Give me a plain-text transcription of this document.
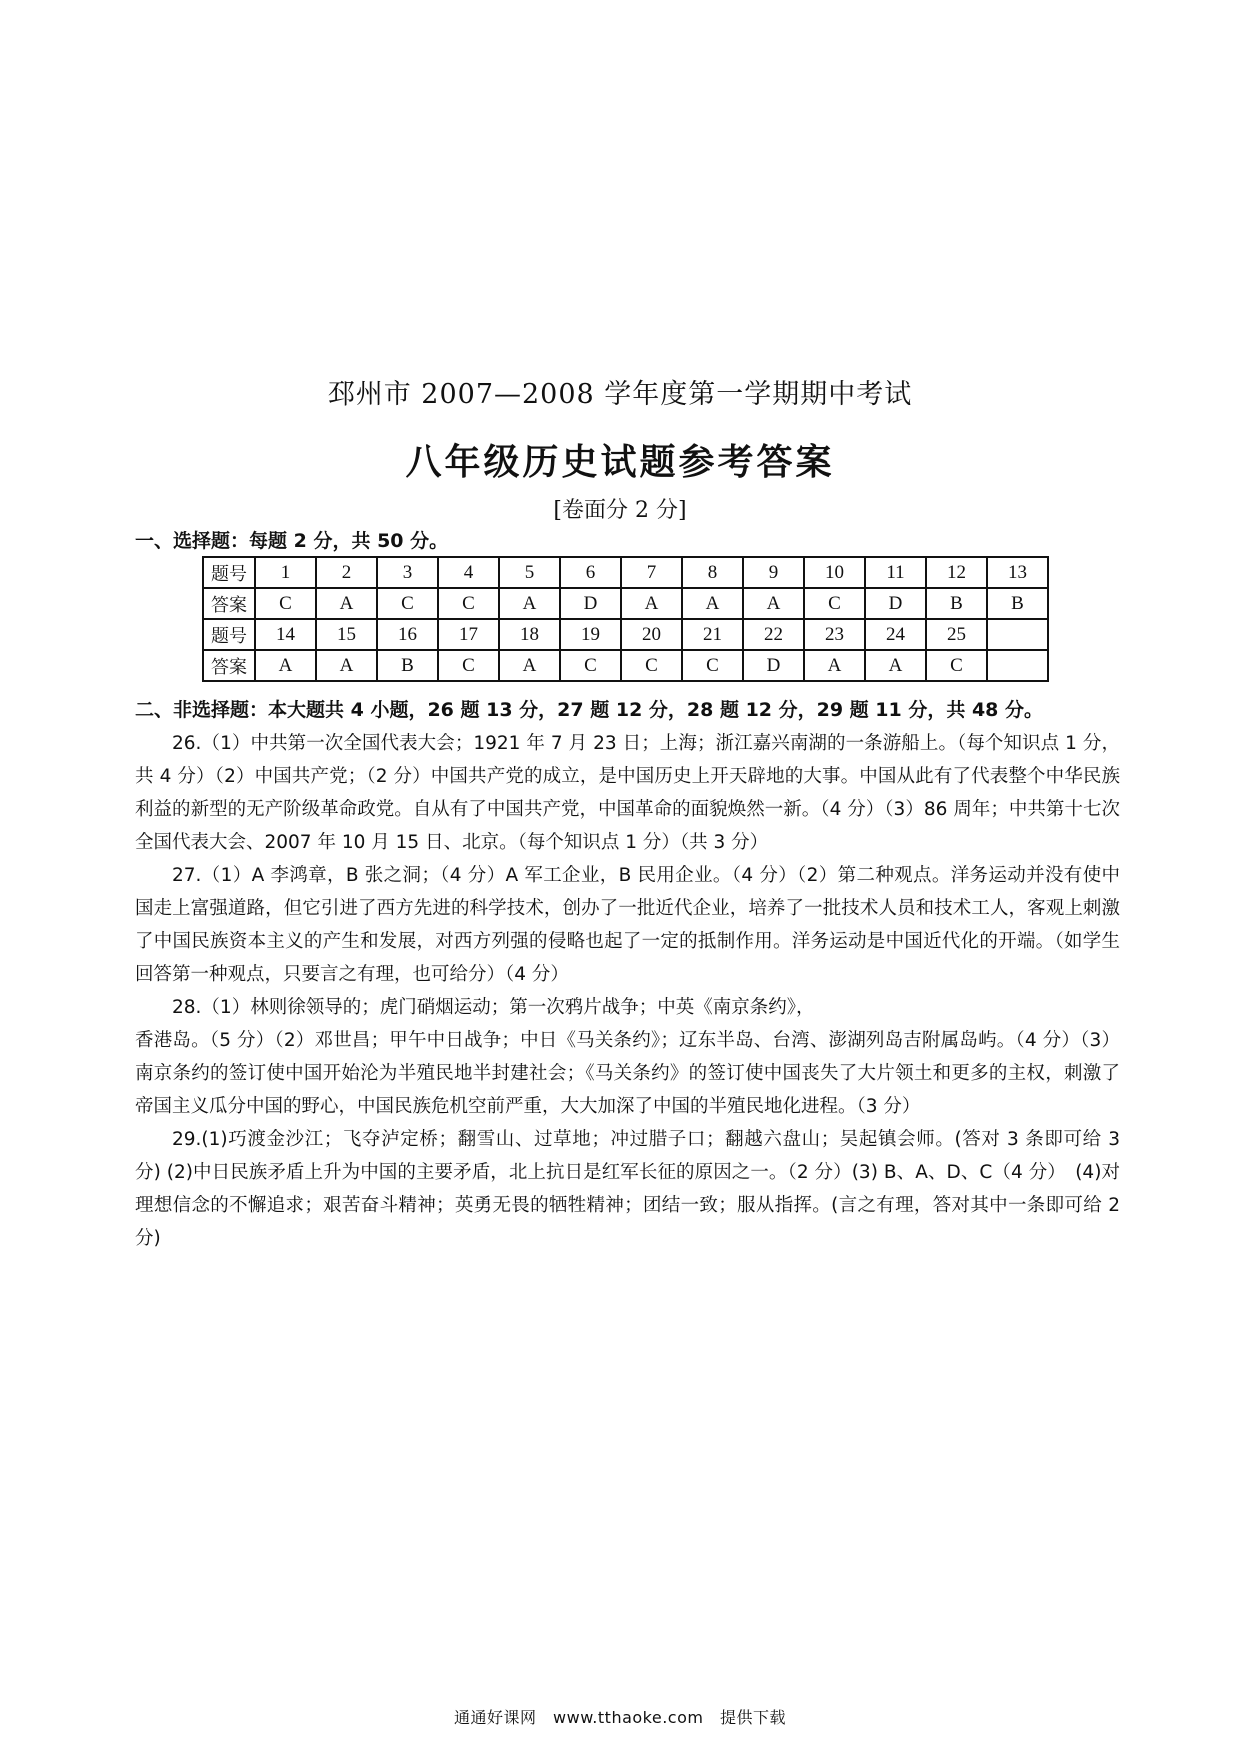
邳州市 2007—2008 学年度第一学期期中考试
八年级历史试题参考答案
[卷面分 2 分]
一、选择题：每题 2 分，共 50 分。
题号	1	2	3	4	5	6	7	8	9	10	11	12	13
答案	C	A	C	C	A	D	A	A	A	C	D	B	B
题号	14	15	16	17	18	19	20	21	22	23	24	25	
答案	A	A	B	C	A	C	C	C	D	A	A	C	
二、非选择题：本大题共 4 小题，26 题 13 分，27 题 12 分，28 题 12 分，29 题 11 分，共 48 分。

26.（1）中共第一次全国代表大会；1921 年 7 月 23 日；上海；浙江嘉兴南湖的一条游船上。（每个知识点 1 分，共 4 分）（2）中国共产党；（2 分）中国共产党的成立，是中国历史上开天辟地的大事。中国从此有了代表整个中华民族利益的新型的无产阶级革命政党。自从有了中国共产党，中国革命的面貌焕然一新。（4 分）（3）86 周年；中共第十七次全国代表大会、2007 年 10 月 15 日、北京。（每个知识点 1 分）（共 3 分）

27.（1）A 李鸿章，B 张之洞；（4 分）A 军工企业，B 民用企业。（4 分）（2）第二种观点。洋务运动并没有使中国走上富强道路，但它引进了西方先进的科学技术，创办了一批近代企业，培养了一批技术人员和技术工人，客观上刺激了中国民族资本主义的产生和发展，对西方列强的侵略也起了一定的抵制作用。洋务运动是中国近代化的开端。（如学生回答第一种观点，只要言之有理，也可给分）（4 分）

28.（1）林则徐领导的；虎门硝烟运动；第一次鸦片战争；中英《南京条约》，

香港岛。（5 分）（2）邓世昌；甲午中日战争；中日《马关条约》；辽东半岛、台湾、澎湖列岛吉附属岛屿。（4 分）（3）南京条约的签订使中国开始沦为半殖民地半封建社会；《马关条约》的签订使中国丧失了大片领土和更多的主权，刺激了帝国主义瓜分中国的野心，中国民族危机空前严重，大大加深了中国的半殖民地化进程。（3 分）

29.(1)巧渡金沙江；飞夺泸定桥；翻雪山、过草地；冲过腊子口；翻越六盘山；吴起镇会师。(答对 3 条即可给 3 分) (2)中日民族矛盾上升为中国的主要矛盾，北上抗日是红军长征的原因之一。（2 分）(3) B、A、D、C（4 分）　(4)对理想信念的不懈追求；艰苦奋斗精神；英勇无畏的牺牲精神；团结一致；服从指挥。(言之有理，答对其中一条即可给 2 分)

通通好课网　www.tthaoke.com　提供下载
